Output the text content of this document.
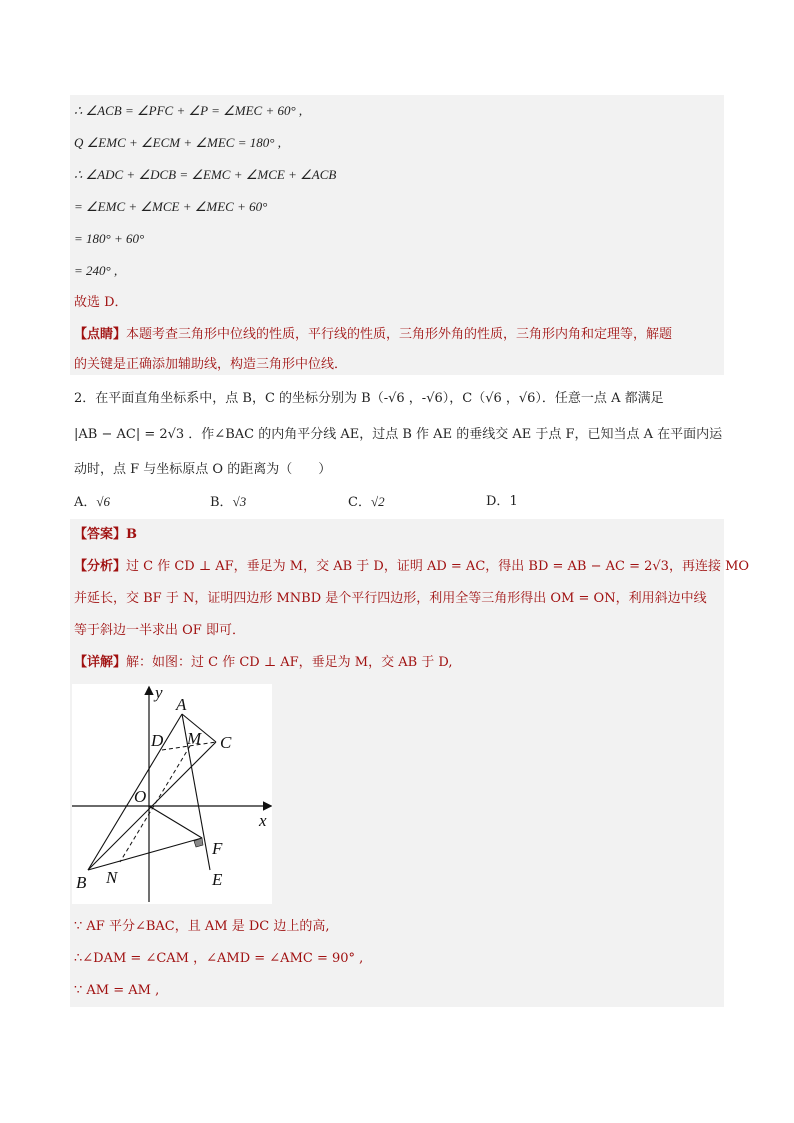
∴ ∠ACB = ∠PFC + ∠P = ∠MEC + 60° ,
Q ∠EMC + ∠ECM + ∠MEC = 180° ,
∴ ∠ADC + ∠DCB = ∠EMC + ∠MCE + ∠ACB
= ∠EMC + ∠MCE + ∠MEC + 60°
= 180° + 60°
= 240° ,
故选 D．
【点睛】本题考查三角形中位线的性质，平行线的性质，三角形外角的性质，三角形内角和定理等，解题
的关键是正确添加辅助线，构造三角形中位线．
2．在平面直角坐标系中，点 B，C 的坐标分别为 B（-√6 ，-√6），C（√6 ，√6）．任意一点 A 都满足
|AB − AC| = 2√3 ．作∠BAC 的内角平分线 AE，过点 B 作 AE 的垂线交 AE 于点 F，已知当点 A 在平面内运
动时，点 F 与坐标原点 O 的距离为（　　）
A．√6	B．√3	C．√2	D．1
【答案】B
【分析】过 C 作 CD ⊥ AF，垂足为 M，交 AB 于 D，证明 AD = AC，得出 BD = AB − AC = 2√3，再连接 MO
并延长，交 BF 于 N，证明四边形 MNBD 是个平行四边形，利用全等三角形得出 OM = ON，利用斜边中线
等于斜边一半求出 OF 即可．
【详解】解：如图：过 C 作 CD ⊥ AF，垂足为 M，交 AB 于 D,
y
x
A
D M C
O
F
B N	E
∵ AF 平分∠BAC，且 AM 是 DC 边上的高,
∴∠DAM = ∠CAM ，∠AMD = ∠AMC = 90° ,
∵ AM = AM ,
